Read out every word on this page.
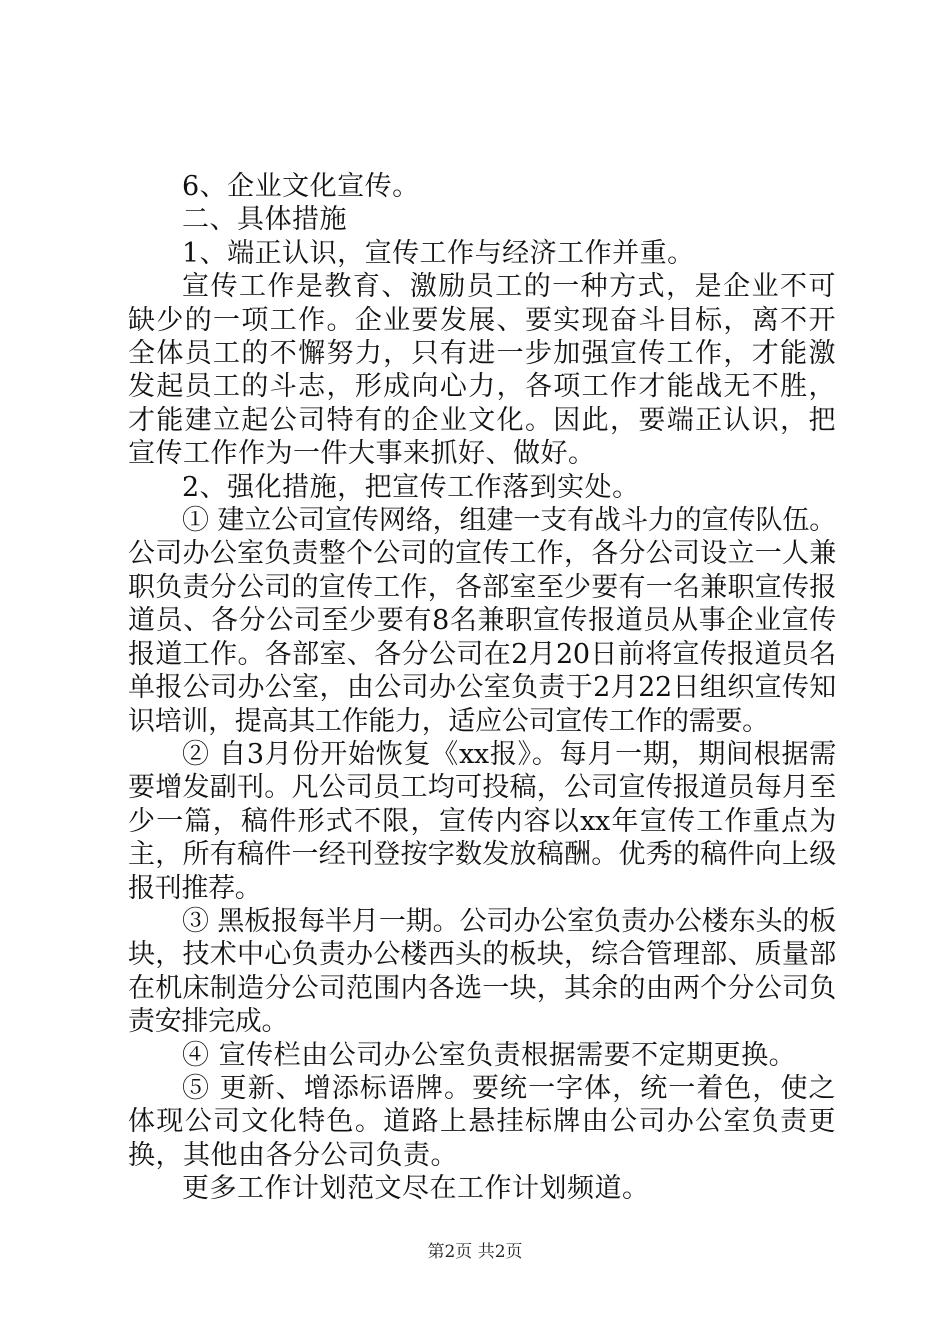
6、企业文化宣传。

二、具体措施

1、端正认识，宣传工作与经济工作并重。

宣传工作是教育、激励员工的一种方式，是企业不可缺少的一项工作。企业要发展、要实现奋斗目标，离不开全体员工的不懈努力，只有进一步加强宣传工作，才能激发起员工的斗志，形成向心力，各项工作才能战无不胜，才能建立起公司特有的企业文化。因此，要端正认识，把宣传工作作为一件大事来抓好、做好。

2、强化措施，把宣传工作落到实处。

① 建立公司宣传网络，组建一支有战斗力的宣传队伍。公司办公室负责整个公司的宣传工作，各分公司设立一人兼职负责分公司的宣传工作，各部室至少要有一名兼职宣传报道员、各分公司至少要有8名兼职宣传报道员从事企业宣传报道工作。各部室、各分公司在2月20日前将宣传报道员名单报公司办公室，由公司办公室负责于2月22日组织宣传知识培训，提高其工作能力，适应公司宣传工作的需要。

② 自3月份开始恢复《xx报》。每月一期，期间根据需要增发副刊。凡公司员工均可投稿，公司宣传报道员每月至少一篇，稿件形式不限，宣传内容以xx年宣传工作重点为主，所有稿件一经刊登按字数发放稿酬。优秀的稿件向上级报刊推荐。

③ 黑板报每半月一期。公司办公室负责办公楼东头的板块，技术中心负责办公楼西头的板块，综合管理部、质量部在机床制造分公司范围内各选一块，其余的由两个分公司负责安排完成。

④ 宣传栏由公司办公室负责根据需要不定期更换。

⑤ 更新、增添标语牌。要统一字体，统一着色，使之体现公司文化特色。道路上悬挂标牌由公司办公室负责更换，其他由各分公司负责。

更多工作计划范文尽在工作计划频道。

第2页 共2页
